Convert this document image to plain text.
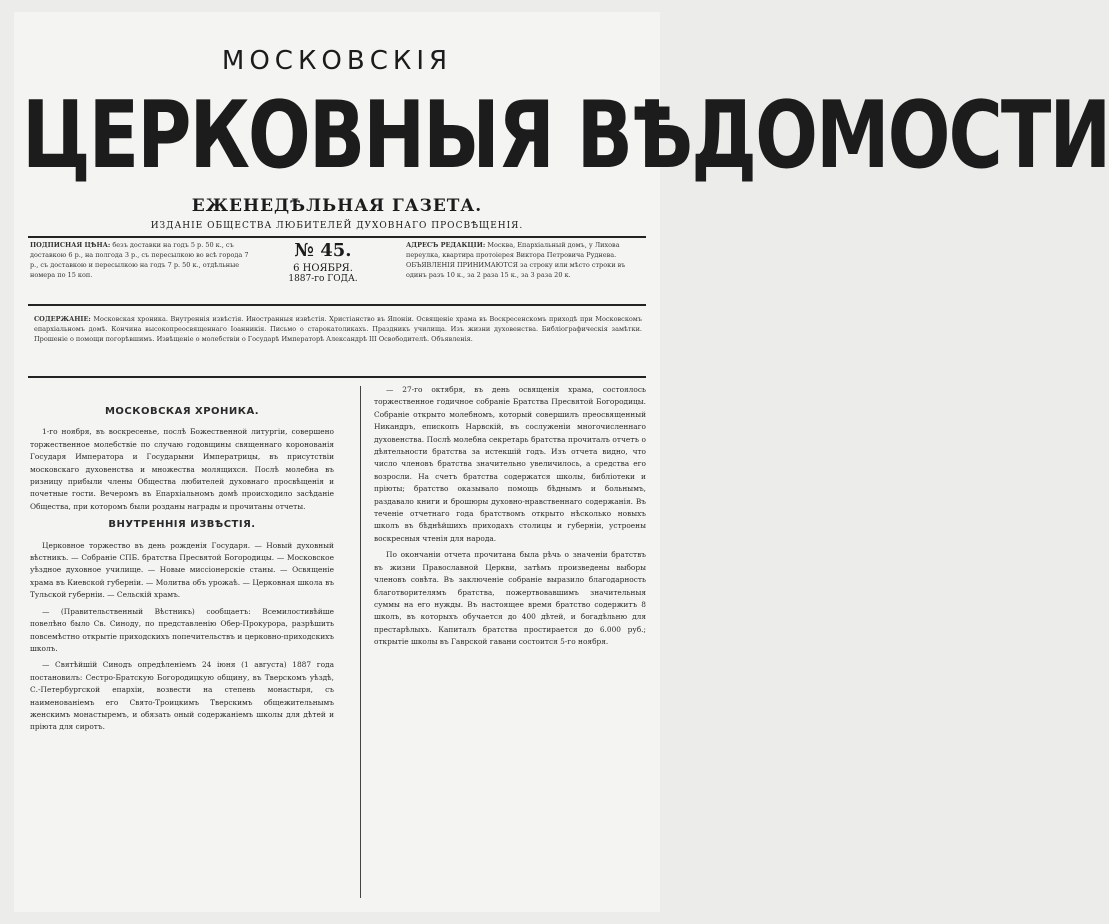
МОСКОВСКІЯ
ЦЕРКОВНЫЯ ВѢДОМОСТИ
ЕЖЕНЕДѢЛЬНАЯ ГАЗЕТА.
ИЗДАНІЕ ОБЩЕСТВА ЛЮБИТЕЛЕЙ ДУХОВНАГО ПРОСВѢЩЕНІЯ.
ПОДПИСНАЯ ЦѢНА: безъ доставки на годъ 5 р. 50 к., съ доставкою 6 р., на полгода 3 р., съ пересылкою во всѣ города 7 р., съ доставкою и пересылкою на годъ 7 р. 50 к., отдѣльные номера по 15 коп.
№ 45.
6 НОЯБРЯ.
1887-го ГОДА.
АДРЕСЪ РЕДАКЦІИ: Москва, Епархіальный домъ, у Лихова переулка, квартира протоіерея Виктора Петровича Руднева. ОБЪЯВЛЕНІЯ ПРИНИМАЮТСЯ за строку или мѣсто строки въ одинъ разъ 10 к., за 2 раза 15 к., за 3 раза 20 к.
СОДЕРЖАНІЕ: Московская хроника. Внутреннія извѣстія. Иностранныя извѣстія. Христіанство въ Японіи. Освященіе храма въ Воскресенскомъ приходѣ при Московскомъ епархіальномъ домѣ. Кончина высокопреосвященнаго Іоанникія. Письмо о старокатоликахъ. Праздникъ училища. Изъ жизни духовенства. Библіографическія замѣтки. Прошеніе о помощи погорѣвшимъ. Извѣщеніе о молебствіи о Государѣ Императорѣ Александрѣ III Освободителѣ. Объявленія.
МОСКОВСКАЯ ХРОНИКА.

1-го ноября, въ воскресенье, послѣ Божественной литургіи, совершено торжественное молебствіе по случаю годовщины священнаго коронованія Государя Императора и Государыни Императрицы, въ присутствіи московскаго духовенства и множества молящихся. Послѣ молебна въ ризницу прибыли члены Общества любителей духовнаго просвѣщенія и почетные гости. Вечеромъ въ Епархіальномъ домѣ происходило засѣданіе Общества, при которомъ были розданы награды и прочитаны отчеты.

ВНУТРЕННІЯ ИЗВѢСТІЯ.

Церковное торжество въ день рожденія Государя. — Новый духовный вѣстникъ. — Собраніе СПБ. братства Пресвятой Богородицы. — Московское уѣздное духовное училище. — Новые миссіонерскіе станы. — Освященіе храма въ Киевской губерніи. — Молитва объ урожаѣ. — Церковная школа въ Тульской губерніи. — Сельскій храмъ.

— (Правительственный Вѣстникъ) сообщаетъ: Всемилостивѣйше повелѣно было Св. Синоду, по представленію Обер-Прокурора, разрѣшить повсемѣстно открытіе приходскихъ попечительствъ и церковно-приходскихъ школъ.

— Святѣйшій Синодъ опредѣленіемъ 24 іюня (1 августа) 1887 года постановилъ: Сестро-Братскую Богородицкую общину, въ Тверскомъ уѣздѣ, С.-Петербургской епархіи, возвести на степень монастыря, съ наименованіемъ его Свято-Троицкимъ Тверскимъ общежительнымъ женскимъ монастыремъ, и обязать оный содержаніемъ школы для дѣтей и пріюта для сиротъ.

— 27-го октября, въ день освященія храма, состоялось торжественное годичное собраніе Братства Пресвятой Богородицы. Собраніе открыто молебномъ, который совершилъ преосвященный Никандръ, епископъ Нарвскій, въ сослуженіи многочисленнаго духовенства. Послѣ молебна секретарь братства прочиталъ отчетъ о дѣятельности братства за истекшій годъ. Изъ отчета видно, что число членовъ братства значительно увеличилось, а средства его возросли. На счетъ братства содержатся школы, библіотеки и пріюты; братство оказывало помощь бѣднымъ и больнымъ, раздавало книги и брошюры духовно-нравственнаго содержанія. Въ теченіе отчетнаго года братствомъ открыто нѣсколько новыхъ школъ въ бѣднѣйшихъ приходахъ столицы и губерніи, устроены воскресныя чтенія для народа.

По окончаніи отчета прочитана была рѣчь о значеніи братствъ въ жизни Православной Церкви, затѣмъ произведены выборы членовъ совѣта. Въ заключеніе собраніе выразило благодарность благотворителямъ братства, пожертвовавшимъ значительныя суммы на его нужды. Въ настоящее время братство содержитъ 8 школъ, въ которыхъ обучается до 400 дѣтей, и богадѣльню для престарѣлыхъ. Капиталъ братства простирается до 6.000 руб.; открытіе школы въ Гаврской гавани состоится 5-го ноября.
